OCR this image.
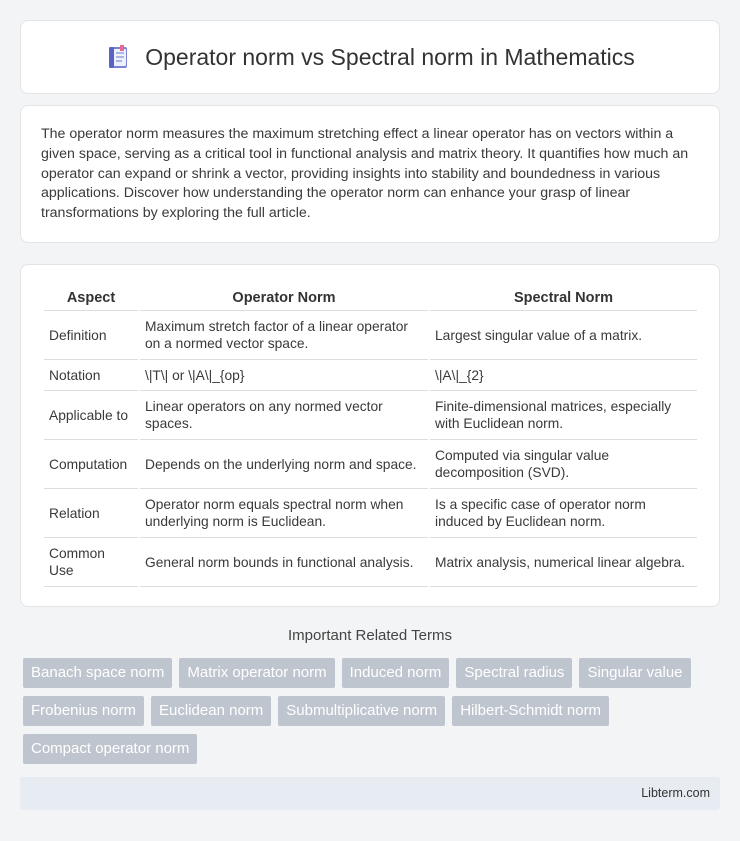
Operator norm vs Spectral norm in Mathematics

The operator norm measures the maximum stretching effect a linear operator has on vectors within a given space, serving as a critical tool in functional analysis and matrix theory. It quantifies how much an operator can expand or shrink a vector, providing insights into stability and boundedness in various applications. Discover how understanding the operator norm can enhance your grasp of linear transformations by exploring the full article.

Aspect	Operator Norm	Spectral Norm
Definition	Maximum stretch factor of a linear operator on a normed vector space.	Largest singular value of a matrix.
Notation	\|T\| or \|A\|_{op}	\|A\|_{2}
Applicable to	Linear operators on any normed vector spaces.	Finite-dimensional matrices, especially with Euclidean norm.
Computation	Depends on the underlying norm and space.	Computed via singular value decomposition (SVD).
Relation	Operator norm equals spectral norm when underlying norm is Euclidean.	Is a specific case of operator norm induced by Euclidean norm.
Common Use	General norm bounds in functional analysis.	Matrix analysis, numerical linear algebra.
Important Related Terms
Banach space norm	Matrix operator norm	Induced norm	Spectral radius	Singular value
Frobenius norm	Euclidean norm	Submultiplicative norm	Hilbert-Schmidt norm
Compact operator norm
Libterm.com
